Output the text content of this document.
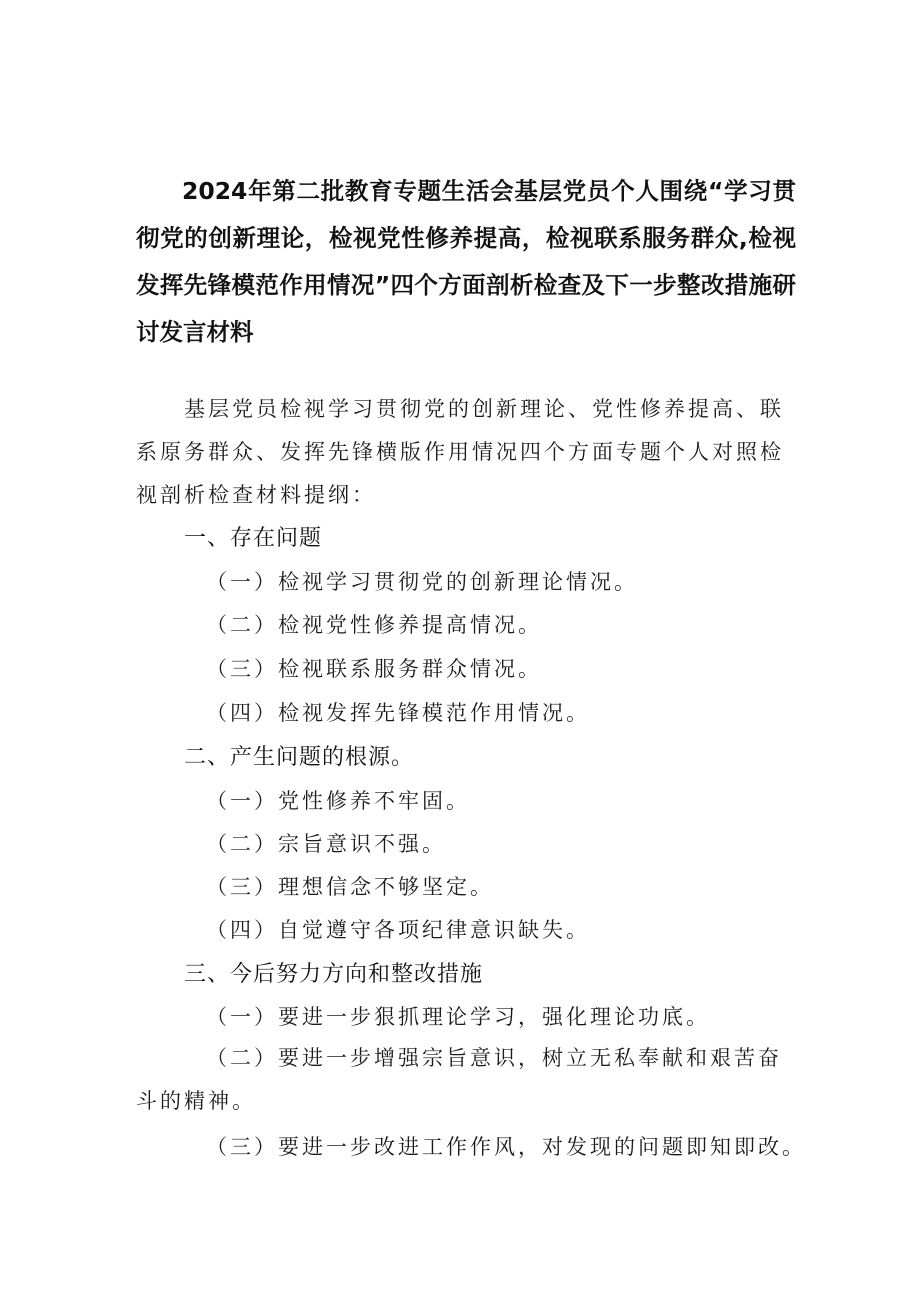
2024年第二批教育专题生活会基层党员个人围绕“学习贯彻党的创新理论，检视党性修养提高，检视联系服务群众,检视发挥先锋模范作用情况”四个方面剖析检查及下一步整改措施研讨发言材料

基层党员检视学习贯彻党的创新理论、党性修养提高、联系原务群众、发挥先锋横版作用情况四个方面专题个人对照检视剖析检查材料提纲：

一、存在问题

（一）检视学习贯彻党的创新理论情况。

（二）检视党性修养提高情况。

（三）检视联系服务群众情况。

（四）检视发挥先锋模范作用情况。

二、产生问题的根源。

（一）党性修养不牢固。

（二）宗旨意识不强。

（三）理想信念不够坚定。

（四）自觉遵守各项纪律意识缺失。

三、今后努力方向和整改措施

（一）要进一步狠抓理论学习，强化理论功底。

（二）要进一步增强宗旨意识，树立无私奉献和艰苦奋斗的精神。

（三）要进一步改进工作作风，对发现的问题即知即改。
